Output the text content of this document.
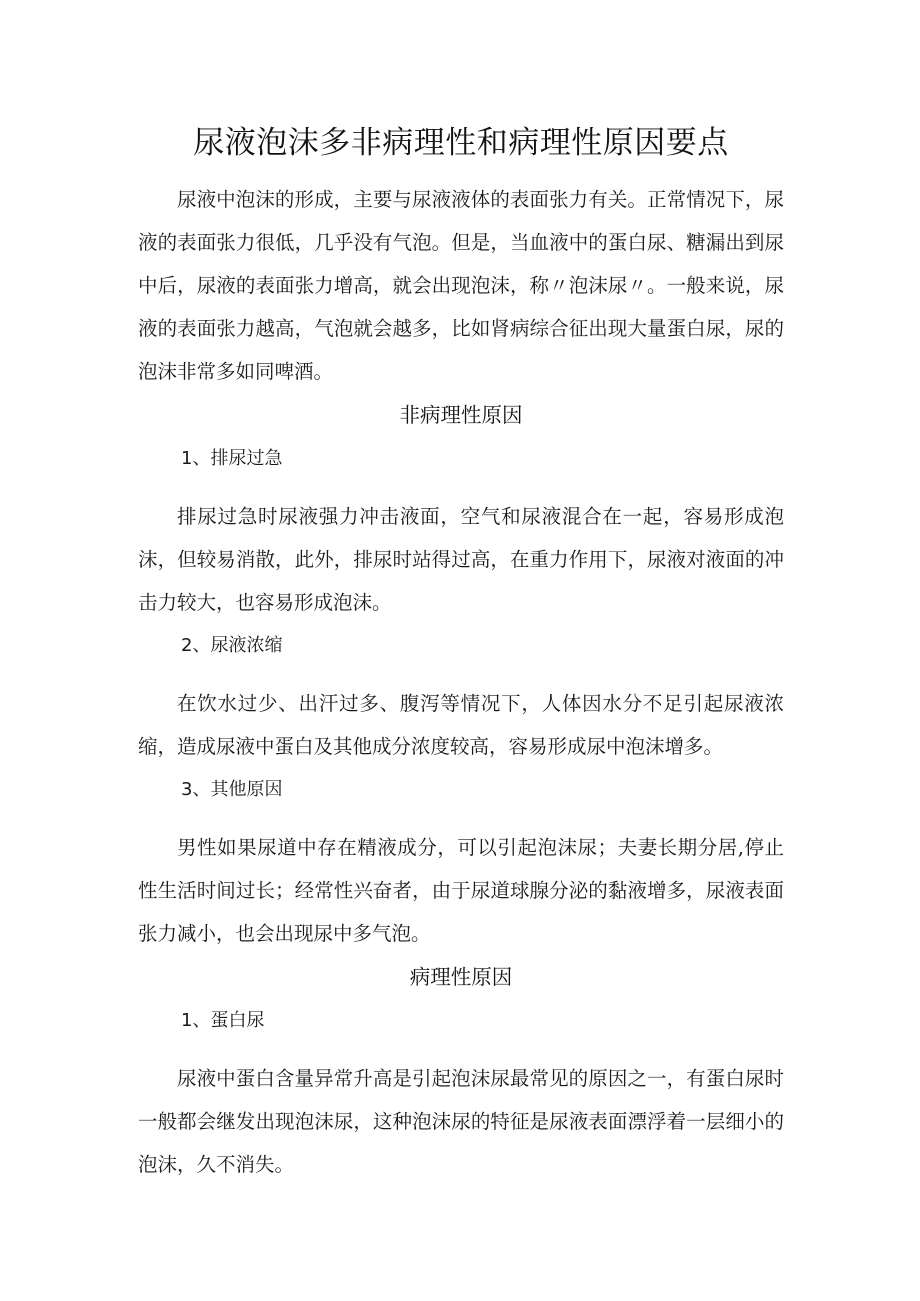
尿液泡沫多非病理性和病理性原因要点

尿液中泡沫的形成，主要与尿液液体的表面张力有关。正常情况下，尿液的表面张力很低，几乎没有气泡。但是，当血液中的蛋白尿、糖漏出到尿中后，尿液的表面张力增高，就会出现泡沫，称〃泡沫尿〃。一般来说，尿液的表面张力越高，气泡就会越多，比如肾病综合征出现大量蛋白尿，尿的泡沫非常多如同啤酒。

非病理性原因
1、排尿过急

排尿过急时尿液强力冲击液面，空气和尿液混合在一起，容易形成泡沫，但较易消散，此外，排尿时站得过高，在重力作用下，尿液对液面的冲击力较大，也容易形成泡沫。

2、尿液浓缩

在饮水过少、出汗过多、腹泻等情况下，人体因水分不足引起尿液浓缩，造成尿液中蛋白及其他成分浓度较高，容易形成尿中泡沫增多。

3、其他原因

男性如果尿道中存在精液成分，可以引起泡沫尿；夫妻长期分居,停止性生活时间过长；经常性兴奋者，由于尿道球腺分泌的黏液增多，尿液表面张力减小，也会出现尿中多气泡。

病理性原因
1、蛋白尿

尿液中蛋白含量异常升高是引起泡沫尿最常见的原因之一，有蛋白尿时一般都会继发出现泡沫尿，这种泡沫尿的特征是尿液表面漂浮着一层细小的泡沫，久不消失。
